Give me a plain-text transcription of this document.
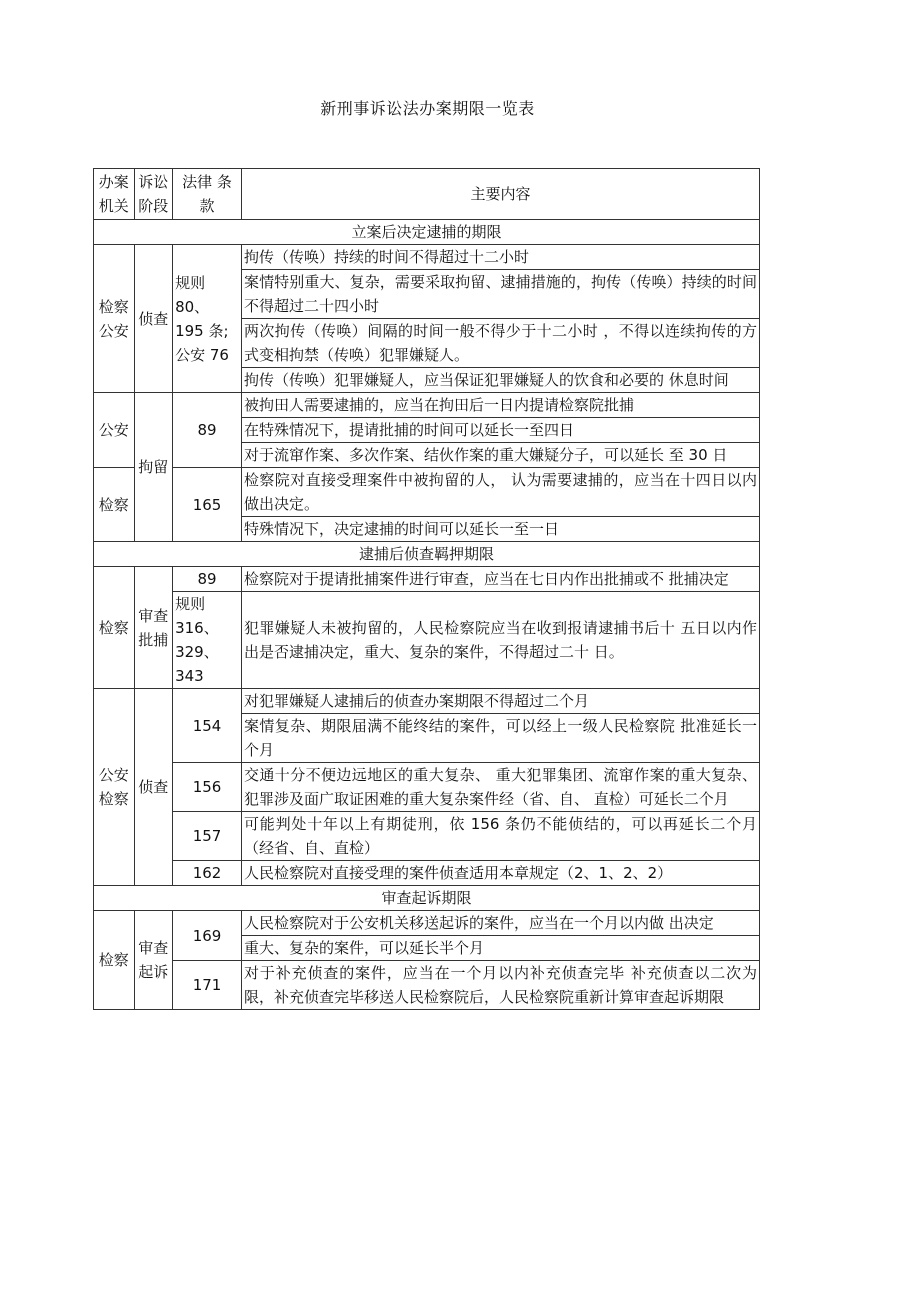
新刑事诉讼法办案期限一览表
办案机关	诉讼阶段	法律 条款	主要内容
立案后决定逮捕的期限			
检察公安	侦查	规则 80、 195 条; 公安 76	拘传（传唤）持续的时间不得超过十二小时
			案情特别重大、复杂，需要采取拘留、逮捕措施的，拘传（传唤）持续的时间不得超过二十四小时
			两次拘传（传唤）间隔的时间一般不得少于十二小时 ，不得以连续拘传的方式变相拘禁（传唤）犯罪嫌疑人。
			拘传（传唤）犯罪嫌疑人，应当保证犯罪嫌疑人的饮食和必要的 休息时间
公安	拘留	89	被拘田人需要逮捕的，应当在拘田后一日内提请检察院批捕
			在特殊情况下，提请批捕的时间可以延长一至四日
			对于流窜作案、多次作案、结伙作案的重大嫌疑分子，可以延长 至 30 日
检察		165	检察院对直接受理案件中被拘留的人， 认为需要逮捕的，应当在十四日以内做出决定。
			特殊情况下，决定逮捕的时间可以延长一至一日
逮捕后侦查羁押期限			
检察	审查批捕	89	检察院对于提请批捕案件进行审查，应当在七日内作出批捕或不 批捕决定
		规则 316、 329、 343	犯罪嫌疑人未被拘留的，人民检察院应当在收到报请逮捕书后十 五日以内作出是否逮捕决定，重大、复杂的案件，不得超过二十 日。
公安检察	侦查	154	对犯罪嫌疑人逮捕后的侦查办案期限不得超过二个月
			案情复杂、期限届满不能终结的案件，可以经上一级人民检察院 批准延长一个月
		156	交通十分不便边远地区的重大复杂、 重大犯罪集团、流窜作案的重大复杂、犯罪涉及面广取证困难的重大复杂案件经（省、自、 直检）可延长二个月
		157	可能判处十年以上有期徒刑，依 156 条仍不能侦结的，可以再延长二个月（经省、自、直检）
		162	人民检察院对直接受理的案件侦查适用本章规定（2、1、2、2）
审查起诉期限			
检察	审查起诉	169	人民检察院对于公安机关移送起诉的案件，应当在一个月以内做 出决定
			重大、复杂的案件，可以延长半个月
		171	对于补充侦查的案件，应当在一个月以内补充侦查完毕 补充侦查以二次为限，补充侦查完毕移送人民检察院后，人民检察院重新计算审查起诉期限
